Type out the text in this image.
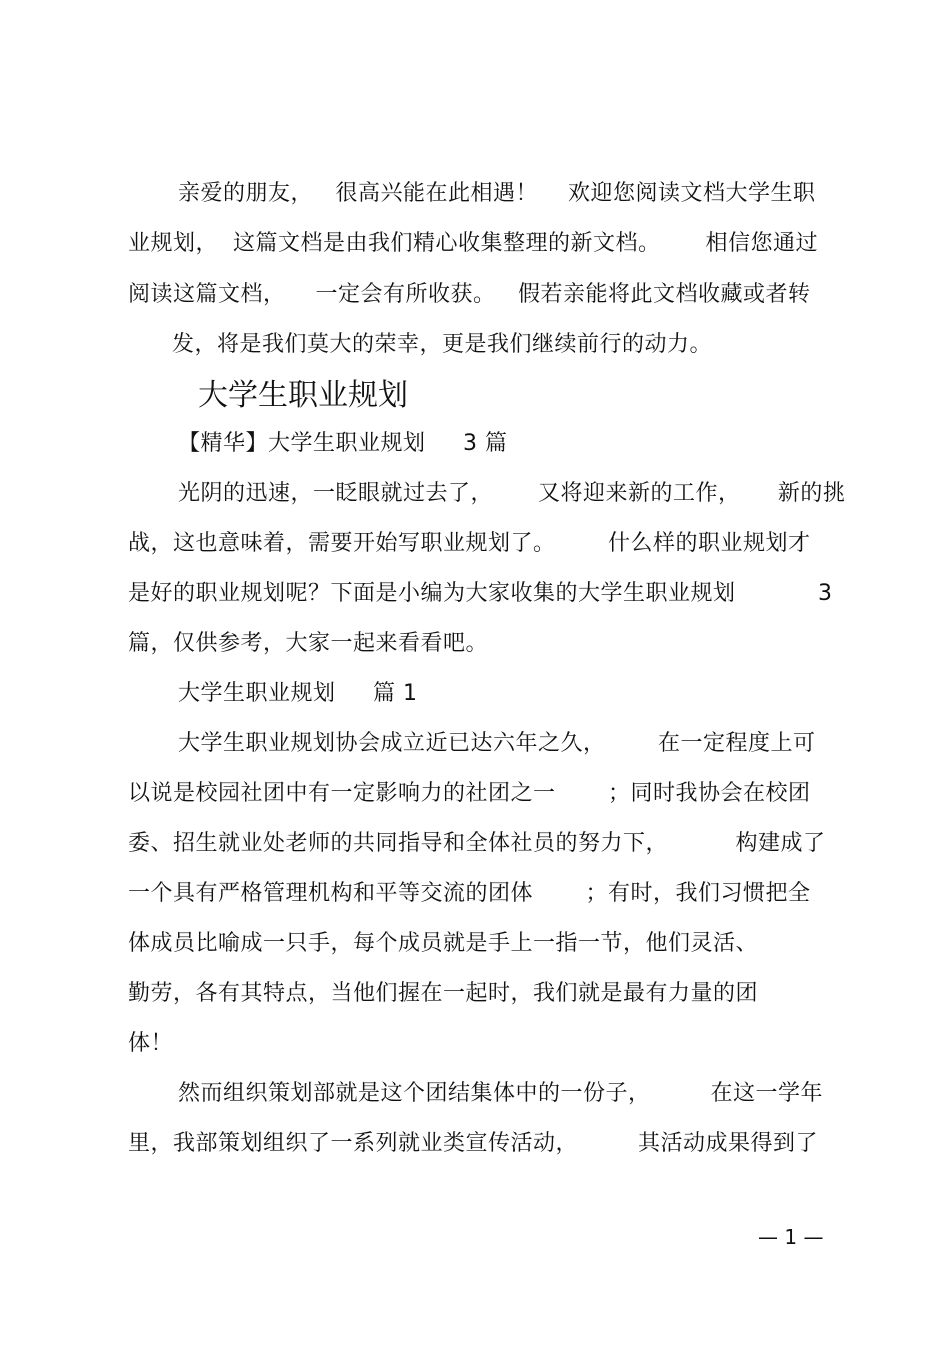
亲爱的朋友，   很高兴能在此相遇！    欢迎您阅读文档大学生职
业规划，  这篇文档是由我们精心收集整理的新文档。      相信您通过
阅读这篇文档，    一定会有所收获。   假若亲能将此文档收藏或者转
发，将是我们莫大的荣幸，更是我们继续前行的动力。
大学生职业规划
【精华】大学生职业规划     3 篇
光阴的迅速，一眨眼就过去了，      又将迎来新的工作，     新的挑
战，这也意味着，需要开始写职业规划了。       什么样的职业规划才
是好的职业规划呢？下面是小编为大家收集的大学生职业规划	3
篇，仅供参考，大家一起来看看吧。
大学生职业规划     篇 1
大学生职业规划协会成立近已达六年之久，       在一定程度上可
以说是校园社团中有一定影响力的社团之一       ；同时我协会在校团
委、招生就业处老师的共同指导和全体社员的努力下，         构建成了
一个具有严格管理机构和平等交流的团体       ；有时，我们习惯把全
体成员比喻成一只手，每个成员就是手上一指一节，他们灵活、
勤劳，各有其特点，当他们握在一起时，我们就是最有力量的团
体！
然而组织策划部就是这个团结集体中的一份子，        在这一学年
里，我部策划组织了一系列就业类宣传活动，        其活动成果得到了
— 1 —
